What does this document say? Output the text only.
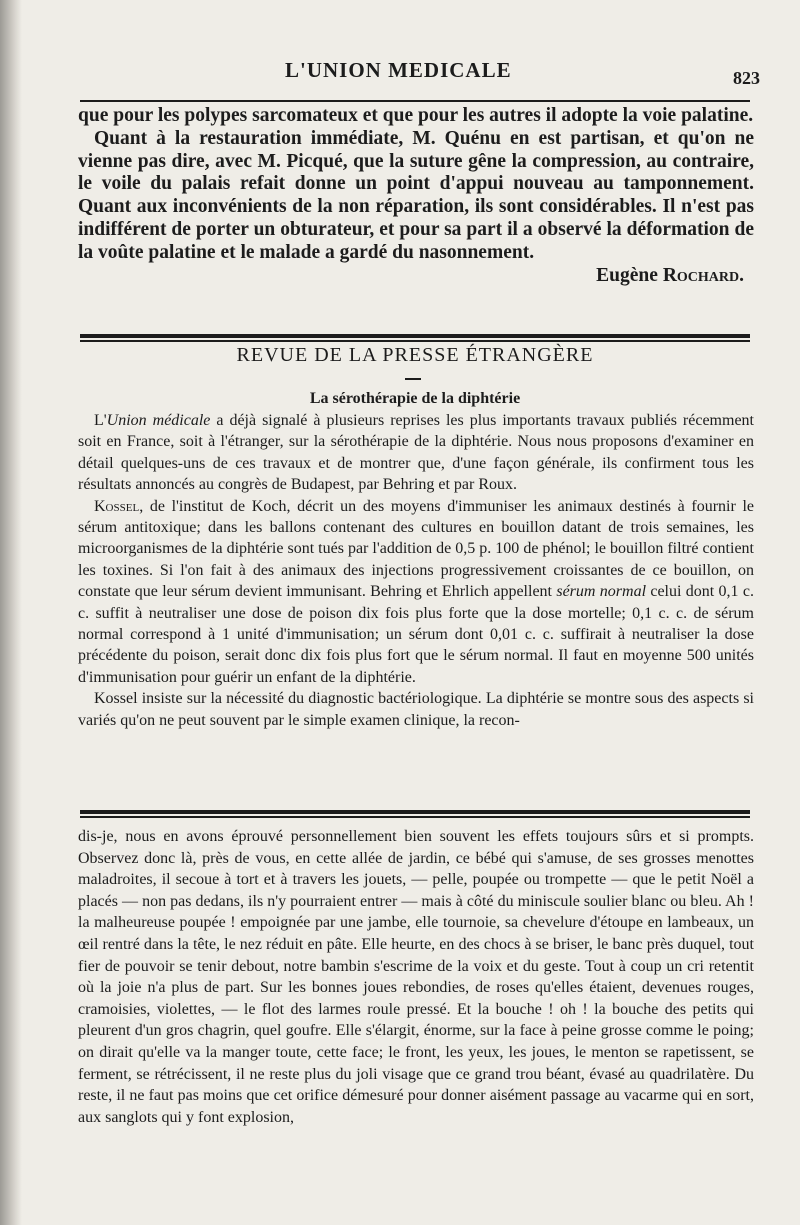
L'UNION MEDICALE	823

que pour les polypes sarcomateux et que pour les autres il adopte la voie palatine.

Quant à la restauration immédiate, M. Quénu en est partisan, et qu'on ne vienne pas dire, avec M. Picqué, que la suture gêne la compression, au contraire, le voile du palais refait donne un point d'appui nouveau au tamponnement. Quant aux inconvénients de la non réparation, ils sont considérables. Il n'est pas indifférent de porter un obturateur, et pour sa part il a observé la déformation de la voûte palatine et le malade a gardé du nasonnement.

Eugène Rochard.

REVUE DE LA PRESSE ÉTRANGÈRE
La sérothérapie de la diphtérie

L'Union médicale a déjà signalé à plusieurs reprises les plus importants travaux publiés récemment soit en France, soit à l'étranger, sur la sérothérapie de la diphtérie. Nous nous proposons d'examiner en détail quelques-uns de ces travaux et de montrer que, d'une façon générale, ils confirment tous les résultats annoncés au congrès de Budapest, par Behring et par Roux.

Kossel, de l'institut de Koch, décrit un des moyens d'immuniser les animaux destinés à fournir le sérum antitoxique; dans les ballons contenant des cultures en bouillon datant de trois semaines, les microorganismes de la diphtérie sont tués par l'addition de 0,5 p. 100 de phénol; le bouillon filtré contient les toxines. Si l'on fait à des animaux des injections progressivement croissantes de ce bouillon, on constate que leur sérum devient immunisant. Behring et Ehrlich appellent sérum normal celui dont 0,1 c. c. suffit à neutraliser une dose de poison dix fois plus forte que la dose mortelle; 0,1 c. c. de sérum normal correspond à 1 unité d'immunisation; un sérum dont 0,01 c. c. suffirait à neutraliser la dose précédente du poison, serait donc dix fois plus fort que le sérum normal. Il faut en moyenne 500 unités d'immunisation pour guérir un enfant de la diphtérie.

Kossel insiste sur la nécessité du diagnostic bactériologique. La diphtérie se montre sous des aspects si variés qu'on ne peut souvent par le simple examen clinique, la recon-

dis-je, nous en avons éprouvé personnellement bien souvent les effets toujours sûrs et si prompts. Observez donc là, près de vous, en cette allée de jardin, ce bébé qui s'amuse, de ses grosses menottes maladroites, il secoue à tort et à travers les jouets, — pelle, poupée ou trompette — que le petit Noël a placés — non pas dedans, ils n'y pourraient entrer — mais à côté du miniscule soulier blanc ou bleu. Ah ! la malheureuse poupée ! empoignée par une jambe, elle tournoie, sa chevelure d'étoupe en lambeaux, un œil rentré dans la tête, le nez réduit en pâte. Elle heurte, en des chocs à se briser, le banc près duquel, tout fier de pouvoir se tenir debout, notre bambin s'escrime de la voix et du geste. Tout à coup un cri retentit où la joie n'a plus de part. Sur les bonnes joues rebondies, de roses qu'elles étaient, devenues rouges, cramoisies, violettes, — le flot des larmes roule pressé. Et la bouche ! oh ! la bouche des petits qui pleurent d'un gros chagrin, quel goufre. Elle s'élargit, énorme, sur la face à peine grosse comme le poing; on dirait qu'elle va la manger toute, cette face; le front, les yeux, les joues, le menton se rapetissent, se ferment, se rétrécissent, il ne reste plus du joli visage que ce grand trou béant, évasé au quadrilatère. Du reste, il ne faut pas moins que cet orifice démesuré pour donner aisément passage au vacarme qui en sort, aux sanglots qui y font explosion,
